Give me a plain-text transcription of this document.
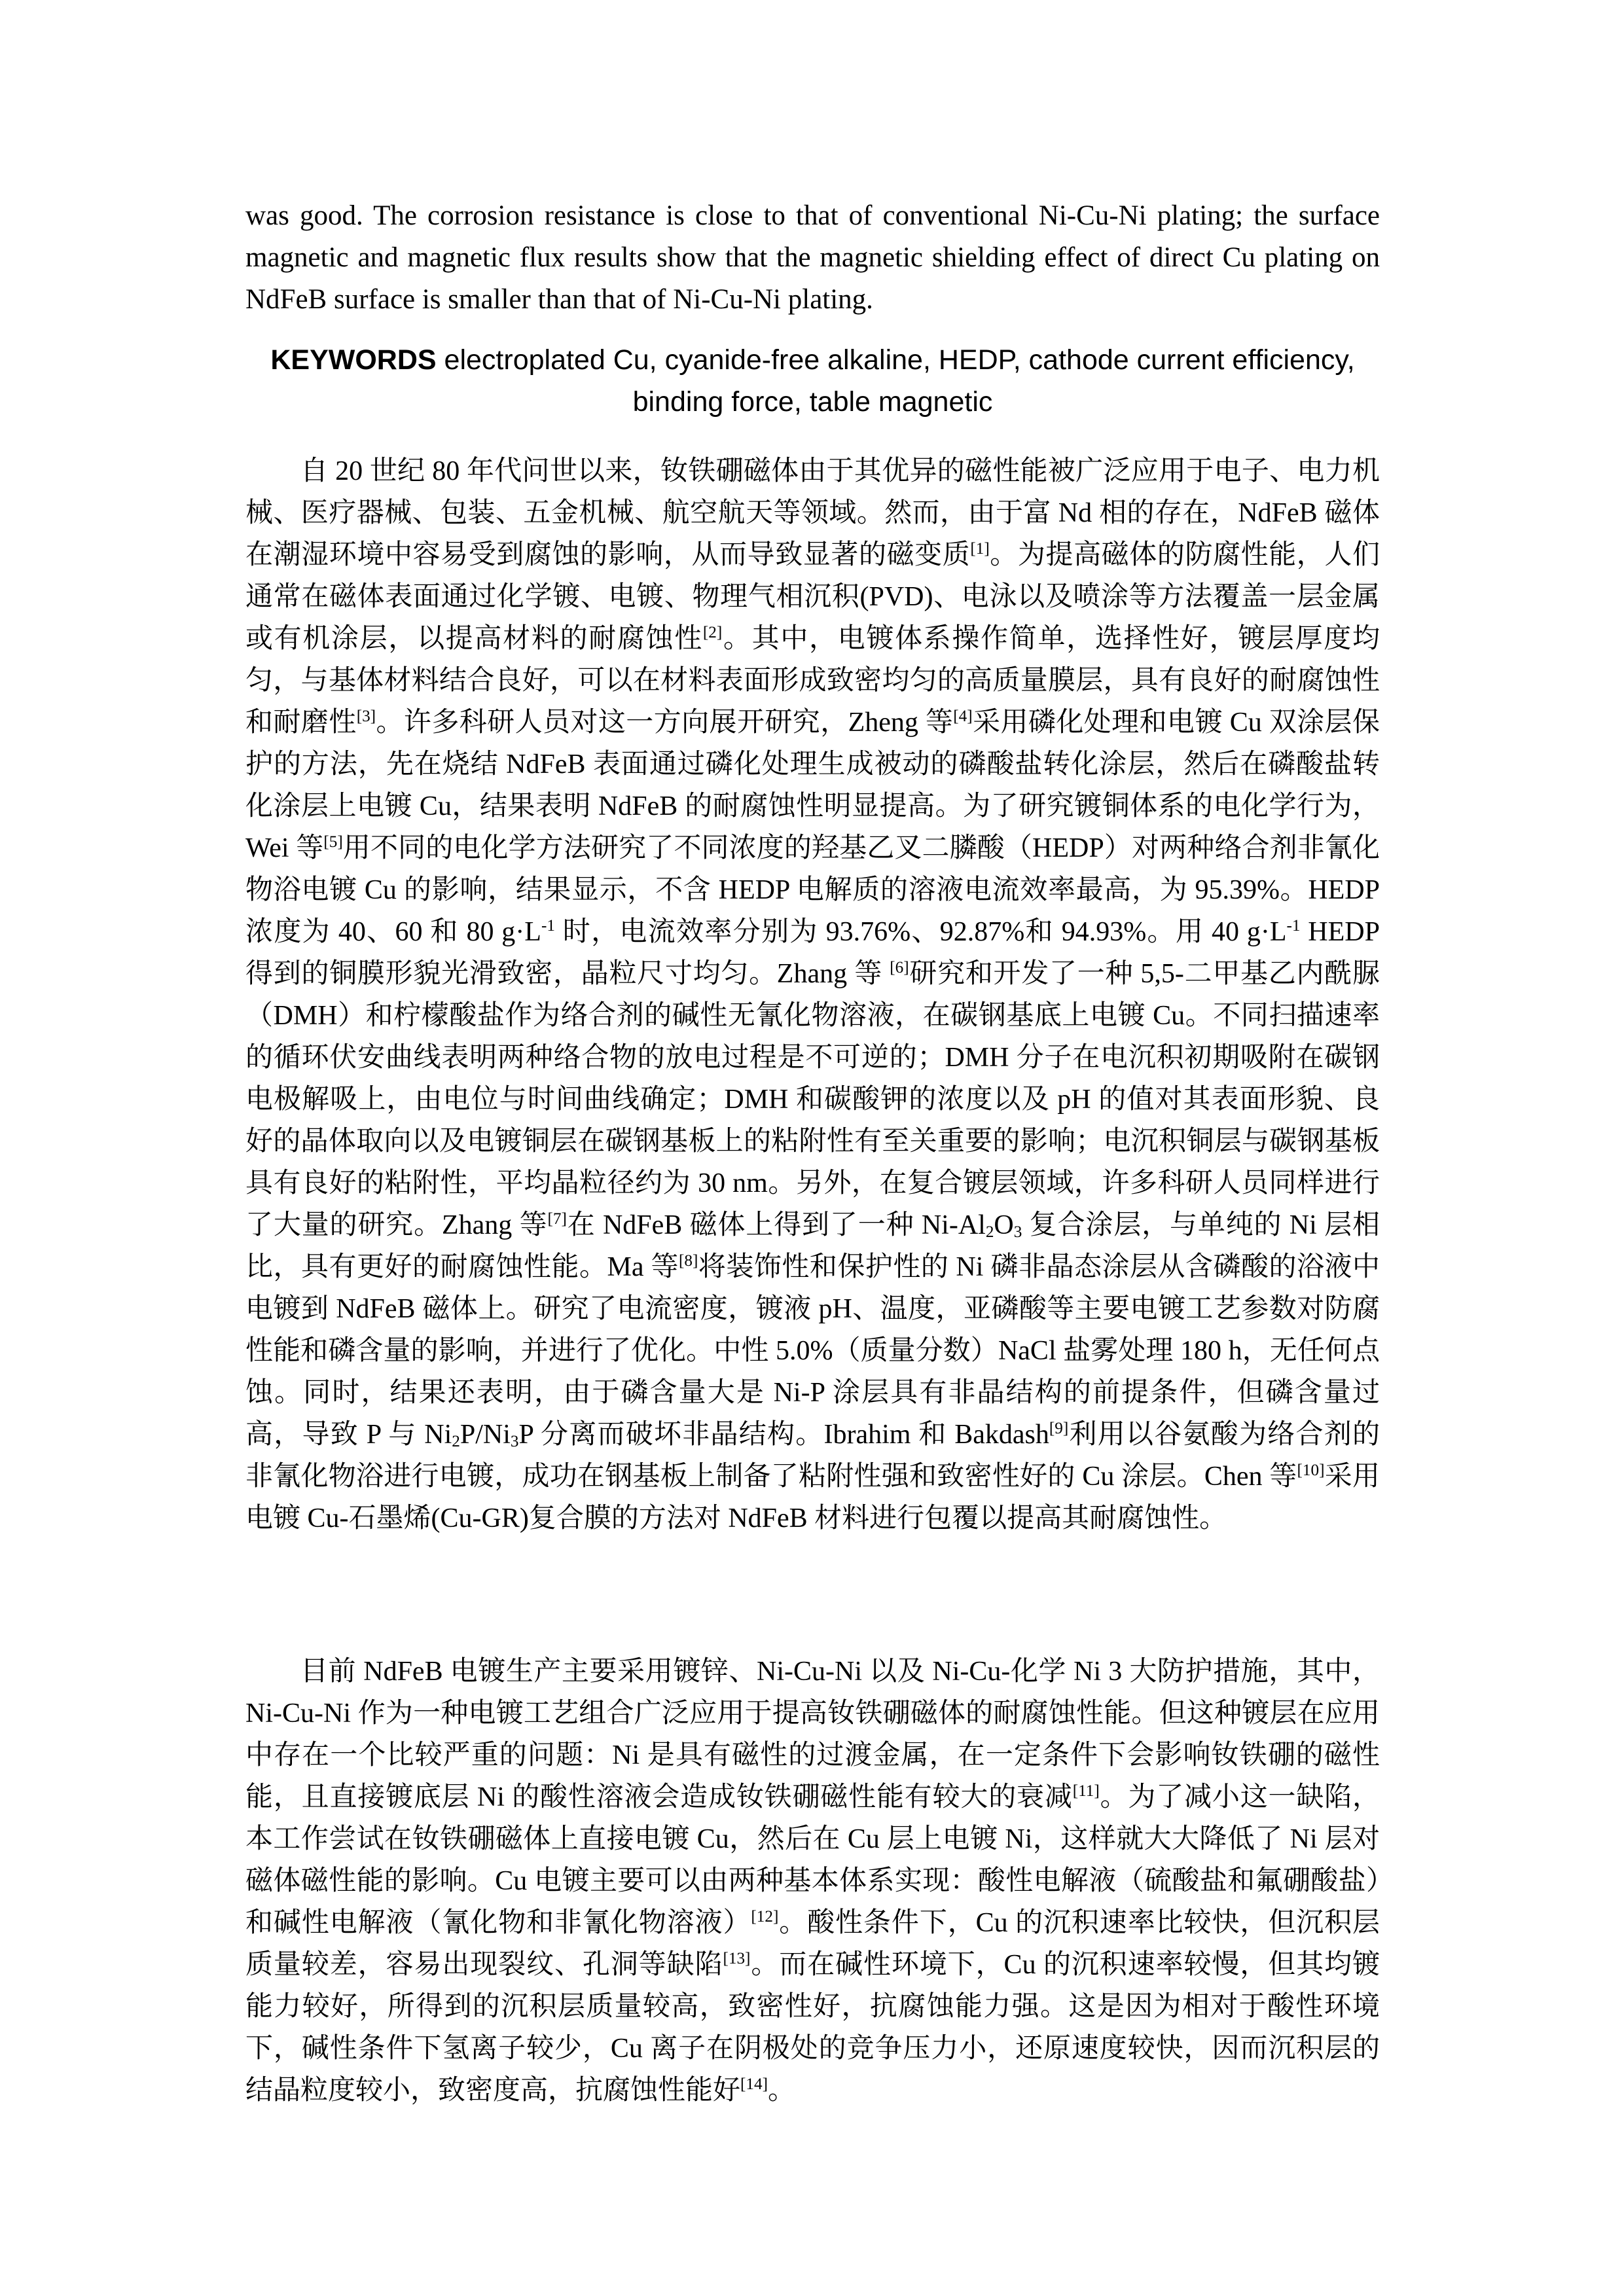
was good. The corrosion resistance is close to that of conventional Ni-Cu-Ni plating; the surface magnetic and magnetic flux results show that the magnetic shielding effect of direct Cu plating on NdFeB surface is smaller than that of Ni-Cu-Ni plating.

KEYWORDS electroplated Cu, cyanide-free alkaline, HEDP, cathode current efficiency, binding force, table magnetic

自 20 世纪 80 年代问世以来，钕铁硼磁体由于其优异的磁性能被广泛应用于电子、电力机械、医疗器械、包装、五金机械、航空航天等领域。然而，由于富 Nd 相的存在，NdFeB 磁体在潮湿环境中容易受到腐蚀的影响，从而导致显著的磁变质[1]。为提高磁体的防腐性能，人们通常在磁体表面通过化学镀、电镀、物理气相沉积(PVD)、电泳以及喷涂等方法覆盖一层金属或有机涂层，以提高材料的耐腐蚀性[2]。其中，电镀体系操作简单，选择性好，镀层厚度均匀，与基体材料结合良好，可以在材料表面形成致密均匀的高质量膜层，具有良好的耐腐蚀性和耐磨性[3]。许多科研人员对这一方向展开研究，Zheng 等[4]采用磷化处理和电镀 Cu 双涂层保护的方法，先在烧结 NdFeB 表面通过磷化处理生成被动的磷酸盐转化涂层，然后在磷酸盐转化涂层上电镀 Cu，结果表明 NdFeB 的耐腐蚀性明显提高。为了研究镀铜体系的电化学行为，Wei 等[5]用不同的电化学方法研究了不同浓度的羟基乙叉二膦酸（HEDP）对两种络合剂非氰化物浴电镀 Cu 的影响，结果显示，不含 HEDP 电解质的溶液电流效率最高，为 95.39%。HEDP 浓度为 40、60 和 80 $g\cdot L^{-1}$ 时，电流效率分别为 93.76%、92.87%和 94.93%。用 40 $g\cdot L^{-1}$ HEDP 得到的铜膜形貌光滑致密，晶粒尺寸均匀。Zhang 等 [6]研究和开发了一种 5,5-二甲基乙内酰脲（DMH）和柠檬酸盐作为络合剂的碱性无氰化物溶液，在碳钢基底上电镀 Cu。不同扫描速率的循环伏安曲线表明两种络合物的放电过程是不可逆的；DMH 分子在电沉积初期吸附在碳钢电极解吸上，由电位与时间曲线确定；DMH 和碳酸钾的浓度以及 pH 的值对其表面形貌、良好的晶体取向以及电镀铜层在碳钢基板上的粘附性有至关重要的影响；电沉积铜层与碳钢基板具有良好的粘附性，平均晶粒径约为 30 nm。另外，在复合镀层领域，许多科研人员同样进行了大量的研究。Zhang 等[7]在 NdFeB 磁体上得到了一种 $Ni-Al_2O_3$ 复合涂层，与单纯的 Ni 层相比，具有更好的耐腐蚀性能。Ma 等[8]将装饰性和保护性的 Ni 磷非晶态涂层从含磷酸的浴液中电镀到 NdFeB 磁体上。研究了电流密度，镀液 pH、温度，亚磷酸等主要电镀工艺参数对防腐性能和磷含量的影响，并进行了优化。中性 5.0%（质量分数）NaCl 盐雾处理 180 h，无任何点蚀。同时，结果还表明，由于磷含量大是 Ni-P 涂层具有非晶结构的前提条件，但磷含量过高，导致 P 与 $Ni_2P/Ni_3P$ 分离而破坏非晶结构。Ibrahim 和 Bakdash[9]利用以谷氨酸为络合剂的非氰化物浴进行电镀，成功在钢基板上制备了粘附性强和致密性好的 Cu 涂层。Chen 等[10]采用电镀 Cu-石墨烯(Cu-GR)复合膜的方法对 NdFeB 材料进行包覆以提高其耐腐蚀性。

目前 NdFeB 电镀生产主要采用镀锌、Ni-Cu-Ni 以及 Ni-Cu-化学 Ni 3 大防护措施，其中，Ni-Cu-Ni 作为一种电镀工艺组合广泛应用于提高钕铁硼磁体的耐腐蚀性能。但这种镀层在应用中存在一个比较严重的问题：Ni 是具有磁性的过渡金属，在一定条件下会影响钕铁硼的磁性能，且直接镀底层 Ni 的酸性溶液会造成钕铁硼磁性能有较大的衰减[11]。为了减小这一缺陷，本工作尝试在钕铁硼磁体上直接电镀 Cu，然后在 Cu 层上电镀 Ni，这样就大大降低了 Ni 层对磁体磁性能的影响。Cu 电镀主要可以由两种基本体系实现：酸性电解液（硫酸盐和氟硼酸盐）和碱性电解液（氰化物和非氰化物溶液）[12]。酸性条件下，Cu 的沉积速率比较快，但沉积层质量较差，容易出现裂纹、孔洞等缺陷[13]。而在碱性环境下，Cu 的沉积速率较慢，但其均镀能力较好，所得到的沉积层质量较高，致密性好，抗腐蚀能力强。这是因为相对于酸性环境下，碱性条件下氢离子较少，Cu 离子在阴极处的竞争压力小，还原速度较快，因而沉积层的结晶粒度较小，致密度高，抗腐蚀性能好[14]。
